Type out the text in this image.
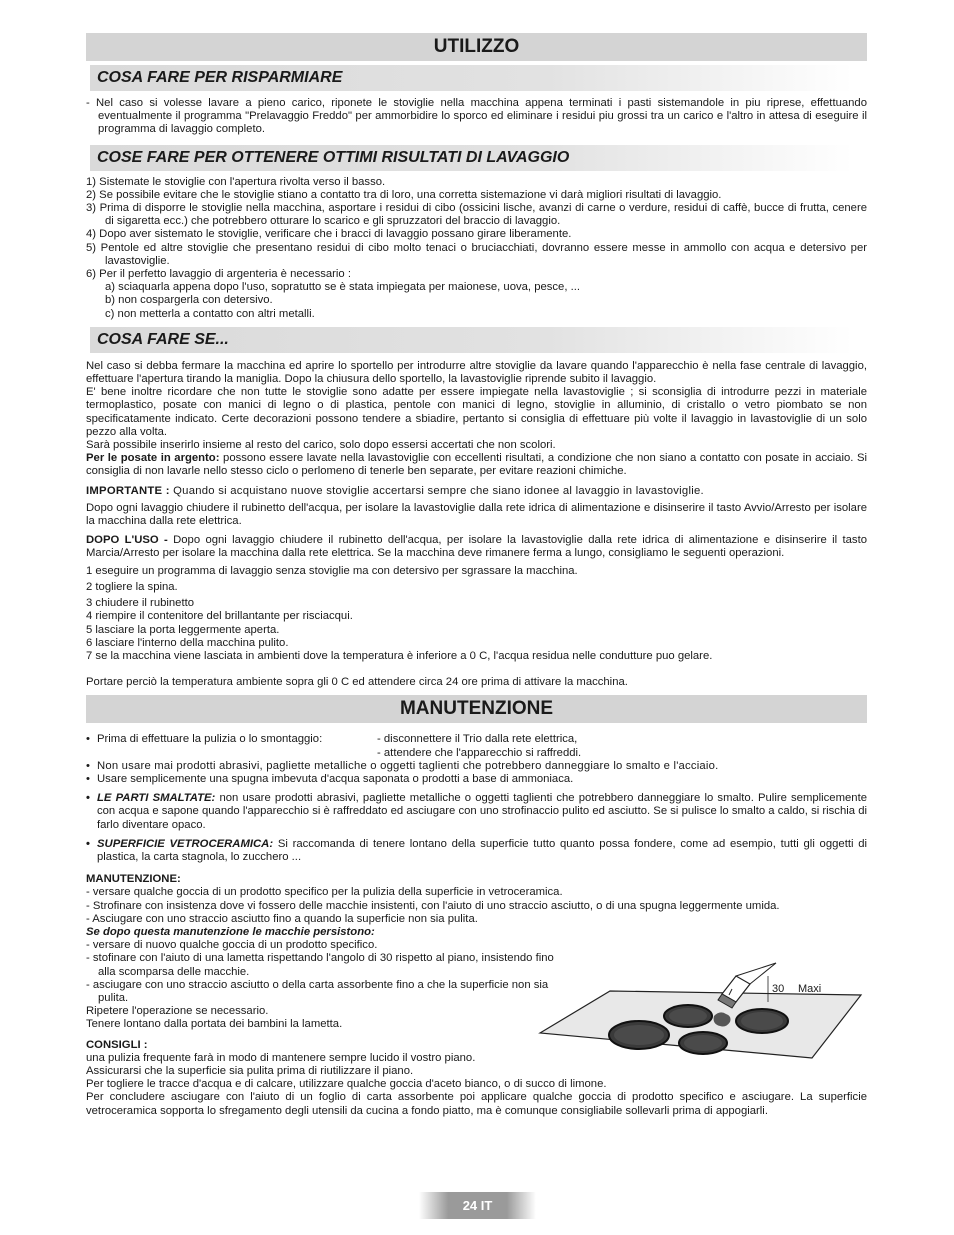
UTILIZZO
COSA FARE PER RISPARMIARE

- Nel caso si volesse lavare a pieno carico, riponete le stoviglie nella macchina appena terminati i pasti sistemandole in piu riprese, effettuando eventualmente il programma "Prelavaggio Freddo" per ammorbidire lo sporco ed eliminare i residui piu grossi tra un carico e l'altro in attesa di eseguire il programma di lavaggio completo.

COSE FARE PER OTTENERE OTTIMI RISULTATI DI LAVAGGIO

1) Sistemate le stoviglie con l'apertura rivolta verso il basso.

2) Se possibile evitare che le stoviglie stiano a contatto tra di loro, una corretta sistemazione vi darà migliori risultati di lavaggio.

3) Prima di disporre le stoviglie nella macchina, asportare i residui di cibo (ossicini lische, avanzi di carne o verdure, residui di caffè, bucce di frutta, cenere di sigaretta ecc.) che potrebbero otturare lo scarico e gli spruzzatori del braccio di lavaggio.

4) Dopo aver sistemato le stoviglie, verificare che i bracci di lavaggio possano girare liberamente.

5) Pentole ed altre stoviglie che presentano residui di cibo molto tenaci o bruciacchiati, dovranno essere messe in ammollo con acqua e detersivo per lavastoviglie.

6) Per il perfetto lavaggio di argenteria è necessario :

a) sciaquarla appena dopo l'uso, sopratutto se è stata impiegata per maionese, uova, pesce, ...

b) non cospargerla con detersivo.

c) non metterla a contatto con altri metalli.

COSA FARE SE...

Nel caso si debba fermare la macchina ed aprire lo sportello per introdurre altre stoviglie da lavare quando l'apparecchio è nella fase centrale di lavaggio, effettuare l'apertura tirando la maniglia. Dopo la chiusura dello sportello, la lavastoviglie riprende subito il lavaggio.

E' bene inoltre ricordare che non tutte le stoviglie sono adatte per essere impiegate nella lavastoviglie ; si sconsiglia di introdurre pezzi in materiale termoplastico, posate con manici di legno o di plastica, pentole con manici di legno, stoviglie in alluminio, di cristallo o vetro piombato se non specificatamente indicato. Certe decorazioni possono tendere a sbiadire, pertanto si consiglia di effettuare più volte il lavaggio in lavastoviglie di un solo pezzo alla volta.

Sarà possibile inserirlo insieme al resto del carico, solo dopo essersi accertati che non scolori.

Per le posate in argento: possono essere lavate nella lavastoviglie con eccellenti risultati, a condizione che non siano a contatto con posate in acciaio. Si consiglia di non lavarle nello stesso ciclo o perlomeno di tenerle ben separate, per evitare reazioni chimiche.

IMPORTANTE : Quando si acquistano nuove stoviglie accertarsi sempre che siano idonee al lavaggio in lavastoviglie.

Dopo ogni lavaggio chiudere il rubinetto dell'acqua, per isolare la lavastoviglie dalla rete idrica di alimentazione e disinserire il tasto Avvio/Arresto per isolare la macchina dalla rete elettrica.

DOPO L'USO - Dopo ogni lavaggio chiudere il rubinetto dell'acqua, per isolare la lavastoviglie dalla rete idrica di alimentazione e disinserire il tasto Marcia/Arresto per isolare la macchina dalla rete elettrica. Se la macchina deve rimanere ferma a lungo, consigliamo le seguenti operazioni.

1 eseguire un programma di lavaggio senza stoviglie ma con detersivo per sgrassare la macchina.

2 togliere la spina.

3 chiudere il rubinetto

4 riempire il contenitore del brillantante per risciacqui.

5 lasciare la porta leggermente aperta.

6 lasciare l'interno della macchina pulito.

7 se la macchina viene lasciata in ambienti dove la temperatura è inferiore a 0 C, l'acqua residua nelle condutture puo gelare.

Portare perciò la temperatura ambiente sopra gli 0 C ed attendere circa 24 ore prima di attivare la macchina.

MANUTENZIONE
• Prima di effettuare la pulizia o lo smontaggio:	- disconnettere il Trio dalla rete elettrica,
- attendere che l'apparecchio si raffreddi.
• Non usare mai prodotti abrasivi, pagliette metalliche o oggetti taglienti che potrebbero danneggiare lo smalto e l'acciaio.
• Usare semplicemente una spugna imbevuta d'acqua saponata o prodotti a base di ammoniaca.
• LE PARTI SMALTATE: non usare prodotti abrasivi, pagliette metalliche o oggetti taglienti che potrebbero danneggiare lo smalto. Pulire semplicemente con acqua e sapone quando l'apparecchio si è raffreddato ed asciugare con uno strofinaccio pulito ed asciutto. Se si pulisce lo smalto a caldo, si rischia di farlo diventare opaco.
• SUPERFICIE VETROCERAMICA: Si raccomanda di tenere lontano della superficie tutto quanto possa fondere, come ad esempio, tutti gli oggetti di plastica, la carta stagnola, lo zucchero ...

MANUTENZIONE:

- versare qualche goccia di un prodotto specifico per la pulizia della superficie in vetroceramica.

- Strofinare con insistenza dove vi fossero delle macchie insistenti, con l'aiuto di uno straccio asciutto, o di una spugna leggermente umida.

- Asciugare con uno straccio asciutto fino a quando la superficie non sia pulita.

Se dopo questa manutenzione le macchie persistono:

- versare di nuovo qualche goccia di un prodotto specifico.

- stofinare con l'aiuto di una lametta rispettando l'angolo di 30 rispetto al piano, insistendo fino alla scomparsa delle macchie.

- asciugare con uno straccio asciutto o della carta assorbente fino a che la superficie non sia pulita.

Ripetere l'operazione se necessario.

Tenere lontano dalla portata dei bambini la lametta.

CONSIGLI :

una pulizia frequente farà in modo di mantenere sempre lucido il vostro piano.

Assicurarsi che la superficie sia pulita prima di riutilizzare il piano.

Per togliere le tracce d'acqua e di calcare, utilizzare qualche goccia d'aceto bianco, o di succo di limone.

Per concludere asciugare con l'aiuto di un foglio di carta assorbente poi applicare qualche goccia di prodotto specifico e asciugare. La superficie vetroceramica sopporta lo sfregamento degli utensili da cucina a fondo piatto, ma è comunque consigliabile sollevarli prima di appogiarli.

30 Maxi
24 IT
